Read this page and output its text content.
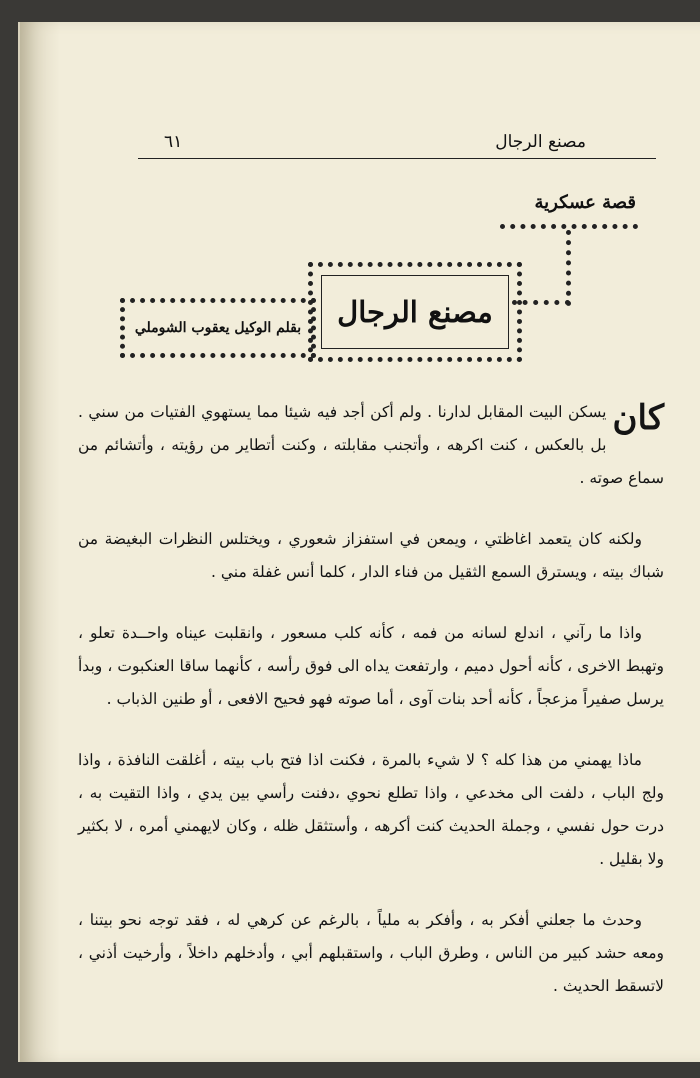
مصنع الرجال
٦١
قصة عسكرية
مصنع الرجال
بقلم الوكيل يعقوب الشوملي

كان
يسكن البيت المقابل لدارنا . ولم أكن أجد فيه شيئا مما يستهوي الفتيات من سني . بل بالعكس ، كنت اكرهه ، وأتجنب مقابلته ، وكنت أتطاير من رؤيته ، وأتشائم من سماع صوته .

ولكنه كان يتعمد اغاظتي ، ويمعن في استفزاز شعوري ، ويختلس النظرات البغيضة من شباك بيته ، ويسترق السمع الثقيل من فناء الدار ، كلما أنس غفلة مني .

واذا ما رآني ، اندلع لسانه من فمه ، كأنه كلب مسعور ، وانقلبت عيناه واحــدة تعلو ، وتهبط الاخرى ، كأنه أحول دميم ، وارتفعت يداه الى فوق رأسه ، كأنهما ساقا العنكبوت ، وبدأ يرسل صفيراً مزعجاً ، كأنه أحد بنات آوى ، أما صوته فهو فحيح الافعى ، أو طنين الذباب .

ماذا يهمني من هذا كله ؟ لا شيء بالمرة ، فكنت اذا فتح باب بيته ، أغلقت النافذة ، واذا ولج الباب ، دلفت الى مخدعي ، واذا تطلع نحوي ،دفنت رأسي بين يدي ، واذا التقيت به ، درت حول نفسي ، وجملة الحديث كنت أكرهه ، وأستثقل ظله ، وكان لايهمني أمره ، لا بكثير ولا بقليل .

وحدث ما جعلني أفكر به ، وأفكر به ملياً ، بالرغم عن كرهي له ، فقد توجه نحو بيتنا ، ومعه حشد كبير من الناس ، وطرق الباب ، واستقبلهم أبي ، وأدخلهم داخلاً ، وأرخيت أذني ، لاتسقط الحديث .
